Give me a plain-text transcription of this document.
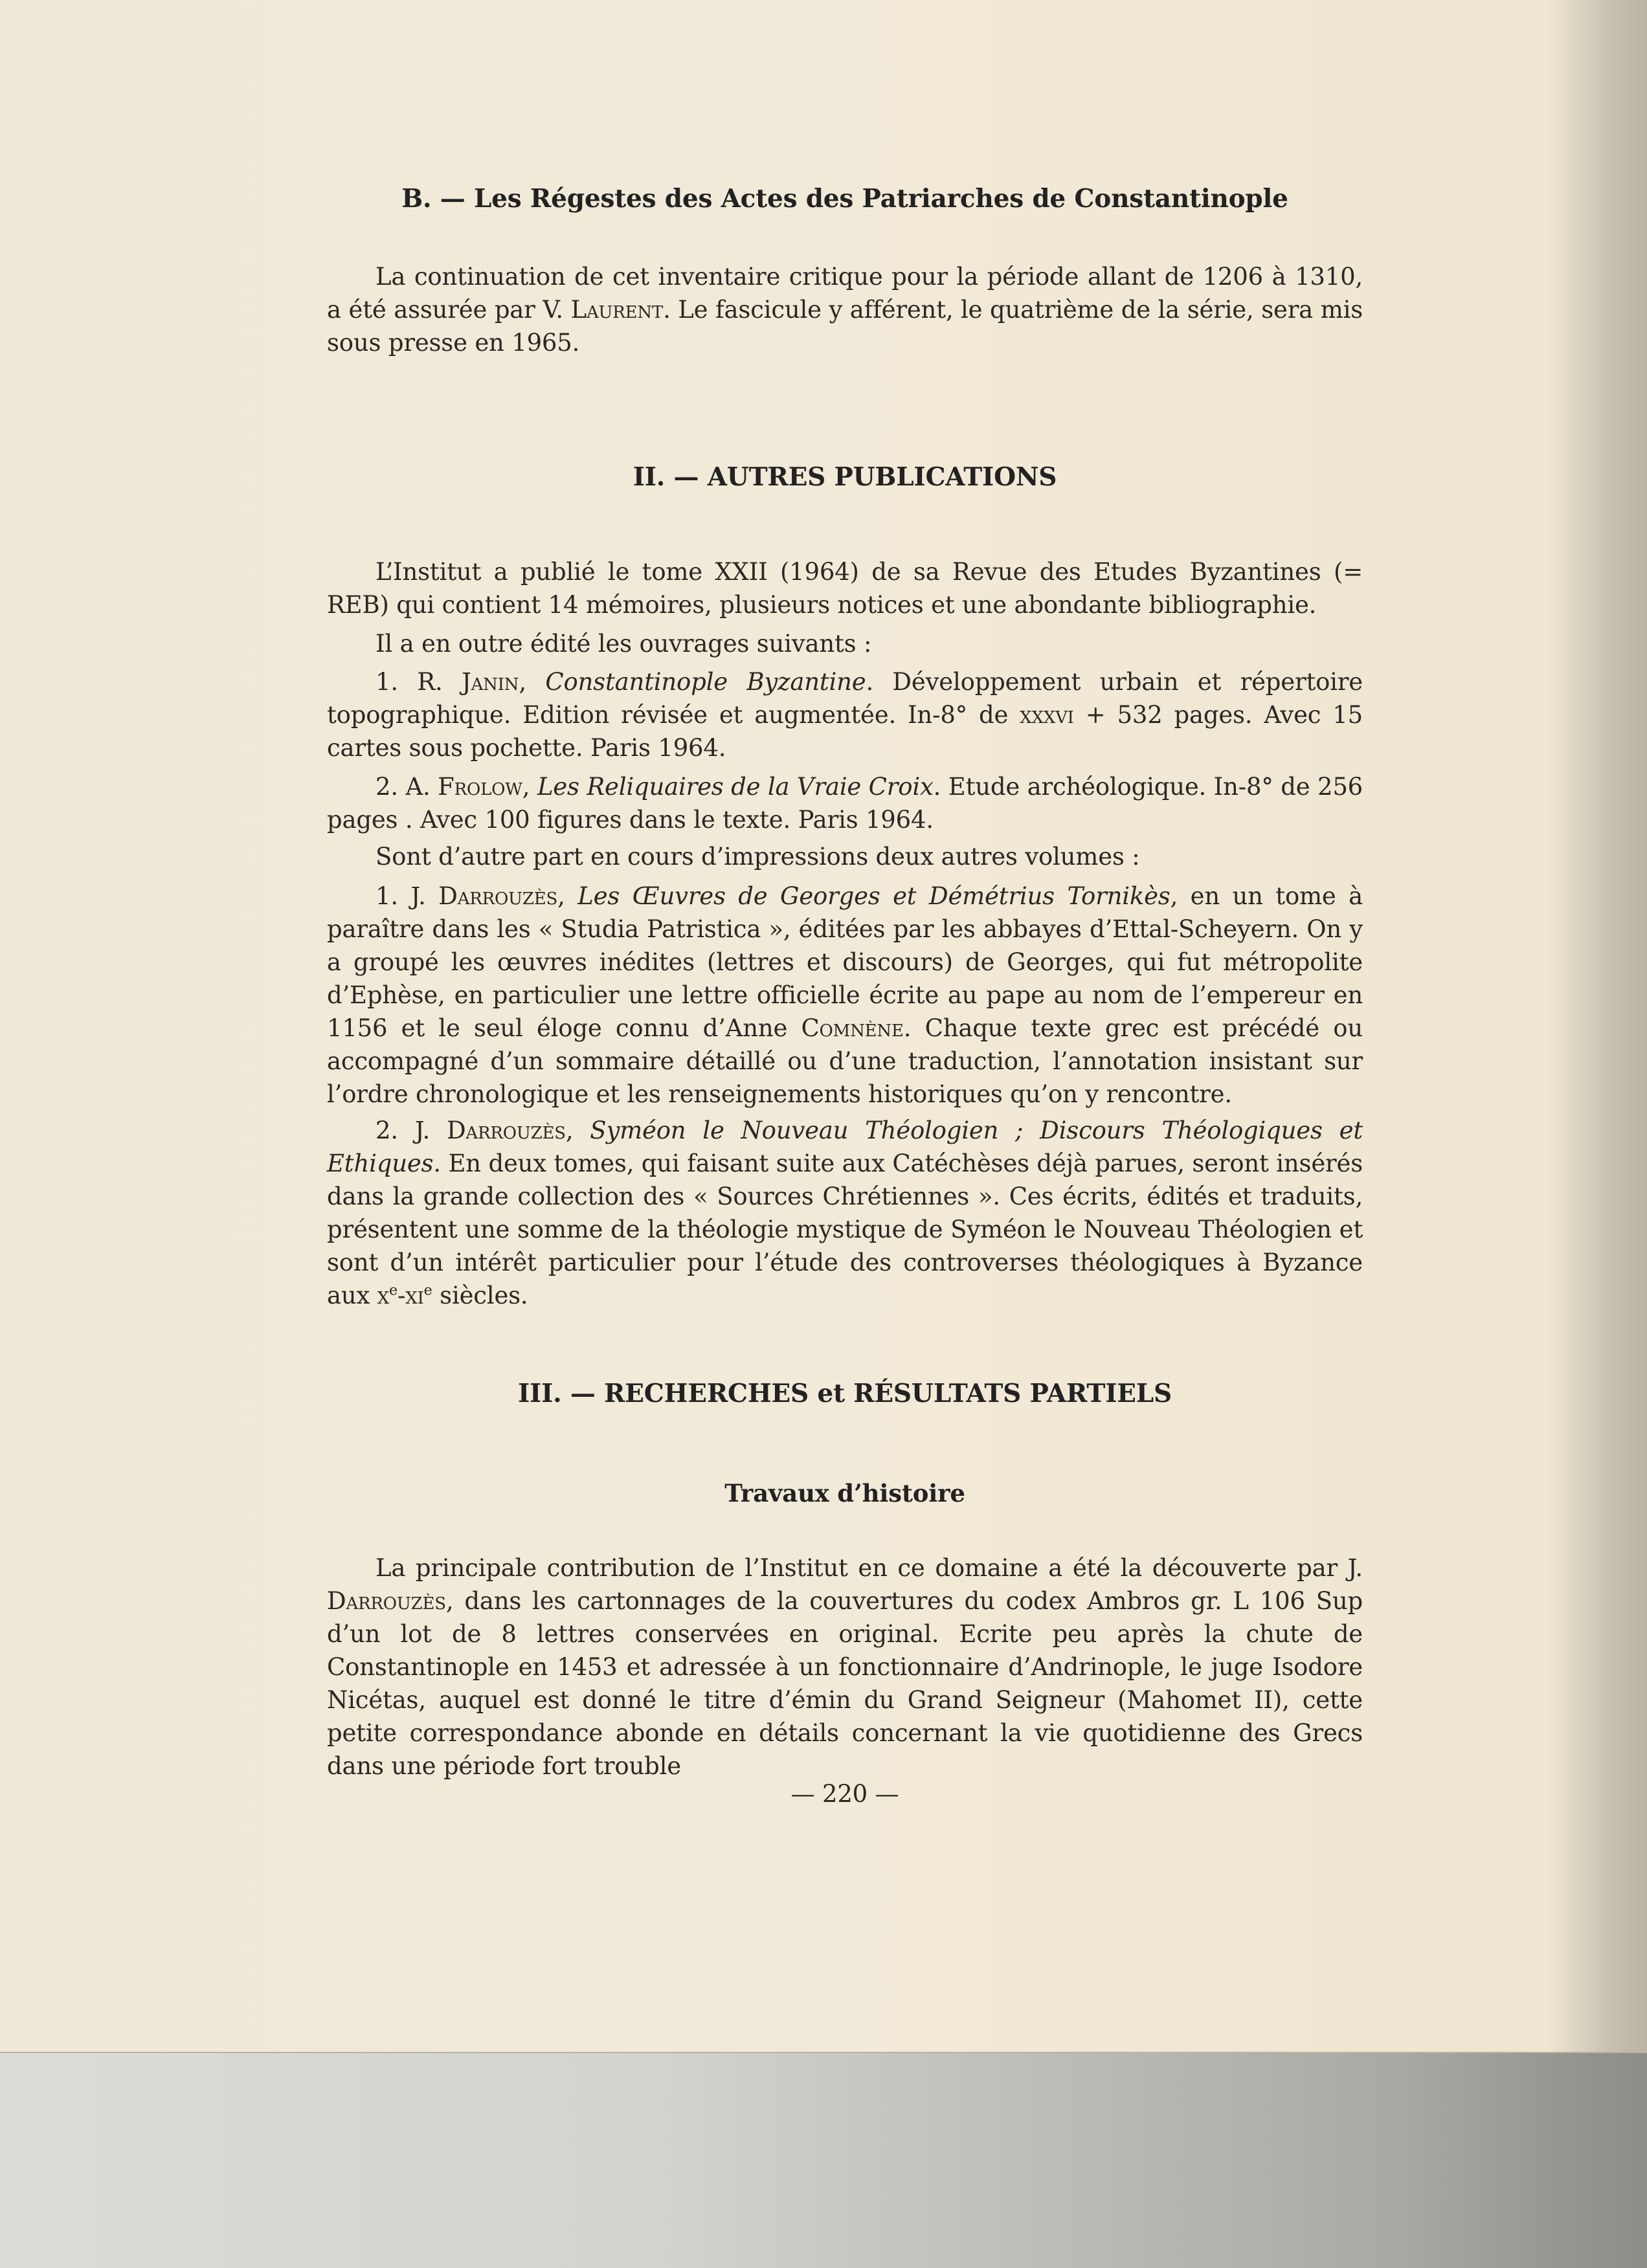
B. — Les Régestes des Actes des Patriarches de Constantinople
La continuation de cet inventaire critique pour la période allant de 1206 à 1310, a été assurée par V. Laurent. Le fascicule y afférent, le quatrième de la série, sera mis sous presse en 1965.
II. — AUTRES PUBLICATIONS
L’Institut a publié le tome XXII (1964) de sa Revue des Etudes Byzantines (= REB) qui contient 14 mémoires, plusieurs notices et une abondante bibliographie.
Il a en outre édité les ouvrages suivants :
1. R. Janin, Constantinople Byzantine. Développement urbain et répertoire topographique. Edition révisée et augmentée. In-8° de xxxvi + 532 pages. Avec 15 cartes sous pochette. Paris 1964.
2. A. Frolow, Les Reliquaires de la Vraie Croix. Etude archéologique. In-8° de 256 pages . Avec 100 figures dans le texte. Paris 1964.
Sont d’autre part en cours d’impressions deux autres volumes :
1. J. Darrouzès, Les Œuvres de Georges et Démétrius Tornikès, en un tome à paraître dans les « Studia Patristica », éditées par les abbayes d’Ettal-Scheyern. On y a groupé les œuvres inédites (lettres et discours) de Georges, qui fut métropolite d’Ephèse, en particulier une lettre officielle écrite au pape au nom de l’empereur en 1156 et le seul éloge connu d’Anne Comnène. Chaque texte grec est précédé ou accompagné d’un sommaire détaillé ou d’une traduction, l’annotation insistant sur l’ordre chronologique et les renseignements historiques qu’on y rencontre.
2. J. Darrouzès, Syméon le Nouveau Théologien ; Discours Théologiques et Ethiques. En deux tomes, qui faisant suite aux Catéchèses déjà parues, seront insérés dans la grande collection des « Sources Chrétiennes ». Ces écrits, édités et traduits, présentent une somme de la théologie mystique de Syméon le Nouveau Théologien et sont d’un intérêt particulier pour l’étude des controverses théologiques à Byzance aux $x^e-xi^e$ siècles.
III. — RECHERCHES et RÉSULTATS PARTIELS
Travaux d’histoire
La principale contribution de l’Institut en ce domaine a été la découverte par J. Darrouzès, dans les cartonnages de la couvertures du codex Ambros gr. L 106 Sup d’un lot de 8 lettres conservées en original. Ecrite peu après la chute de Constantinople en 1453 et adressée à un fonctionnaire d’Andrinople, le juge Isodore Nicétas, auquel est donné le titre d’émin du Grand Seigneur (Mahomet II), cette petite correspondance abonde en détails concernant la vie quotidienne des Grecs dans une période fort trouble
— 220 —
